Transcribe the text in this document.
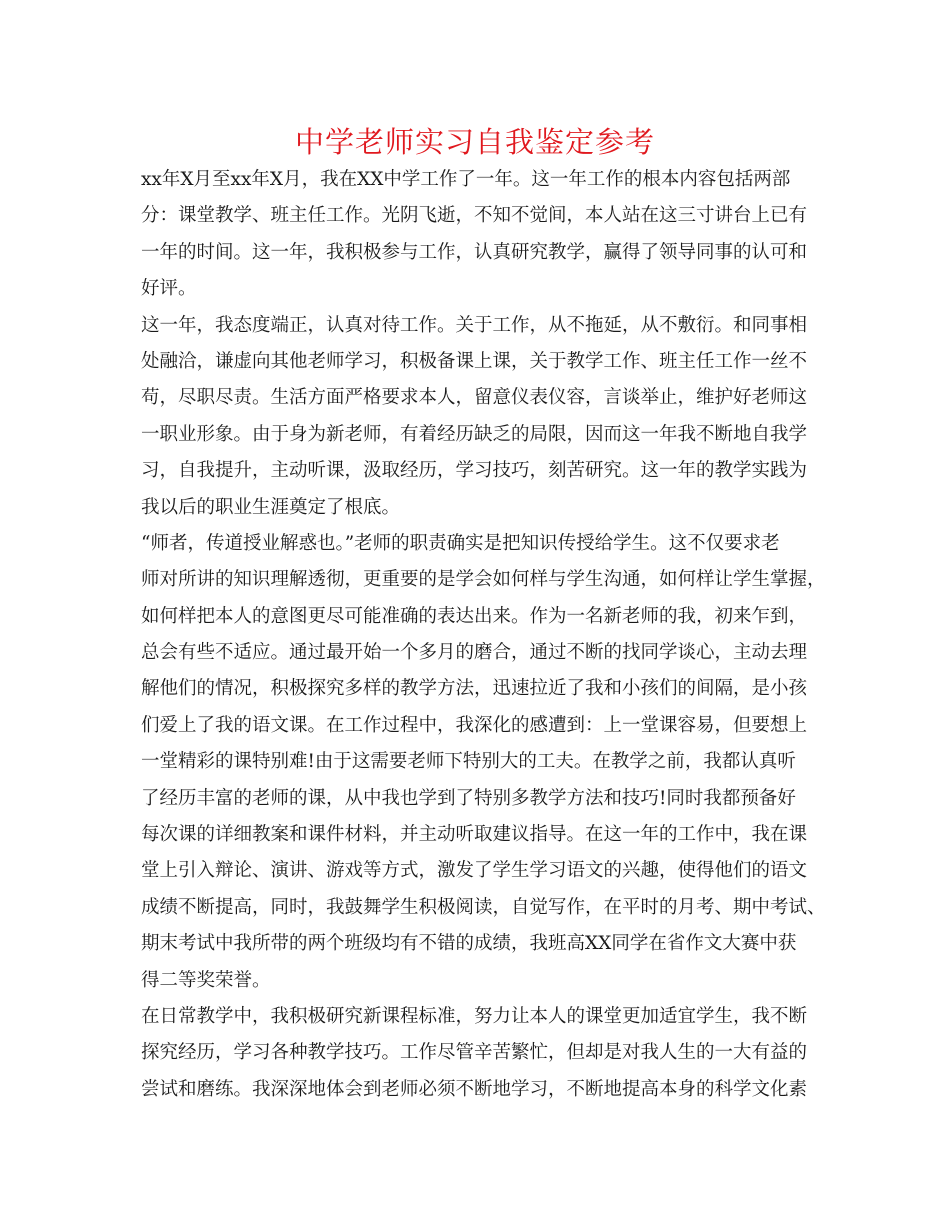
中学老师实习自我鉴定参考
xx年X月至xx年X月，我在XX中学工作了一年。这一年工作的根本内容包括两部
分：课堂教学、班主任工作。光阴飞逝，不知不觉间，本人站在这三寸讲台上已有
一年的时间。这一年，我积极参与工作，认真研究教学，赢得了领导同事的认可和
好评。
这一年，我态度端正，认真对待工作。关于工作，从不拖延，从不敷衍。和同事相
处融洽，谦虚向其他老师学习，积极备课上课，关于教学工作、班主任工作一丝不
苟，尽职尽责。生活方面严格要求本人，留意仪表仪容，言谈举止，维护好老师这
一职业形象。由于身为新老师，有着经历缺乏的局限，因而这一年我不断地自我学
习，自我提升，主动听课，汲取经历，学习技巧，刻苦研究。这一年的教学实践为
我以后的职业生涯奠定了根底。
“师者，传道授业解惑也。”老师的职责确实是把知识传授给学生。这不仅要求老
师对所讲的知识理解透彻，更重要的是学会如何样与学生沟通，如何样让学生掌握，
如何样把本人的意图更尽可能准确的表达出来。作为一名新老师的我，初来乍到，
总会有些不适应。通过最开始一个多月的磨合，通过不断的找同学谈心，主动去理
解他们的情况，积极探究多样的教学方法，迅速拉近了我和小孩们的间隔，是小孩
们爱上了我的语文课。在工作过程中，我深化的感遭到：上一堂课容易，但要想上
一堂精彩的课特别难!由于这需要老师下特别大的工夫。在教学之前，我都认真听
了经历丰富的老师的课，从中我也学到了特别多教学方法和技巧!同时我都预备好
每次课的详细教案和课件材料，并主动听取建议指导。在这一年的工作中，我在课
堂上引入辩论、演讲、游戏等方式，激发了学生学习语文的兴趣，使得他们的语文
成绩不断提高，同时，我鼓舞学生积极阅读，自觉写作，在平时的月考、期中考试、
期末考试中我所带的两个班级均有不错的成绩，我班高XX同学在省作文大赛中获
得二等奖荣誉。
在日常教学中，我积极研究新课程标准，努力让本人的课堂更加适宜学生，我不断
探究经历，学习各种教学技巧。工作尽管辛苦繁忙，但却是对我人生的一大有益的
尝试和磨练。我深深地体会到老师必须不断地学习，不断地提高本身的科学文化素
